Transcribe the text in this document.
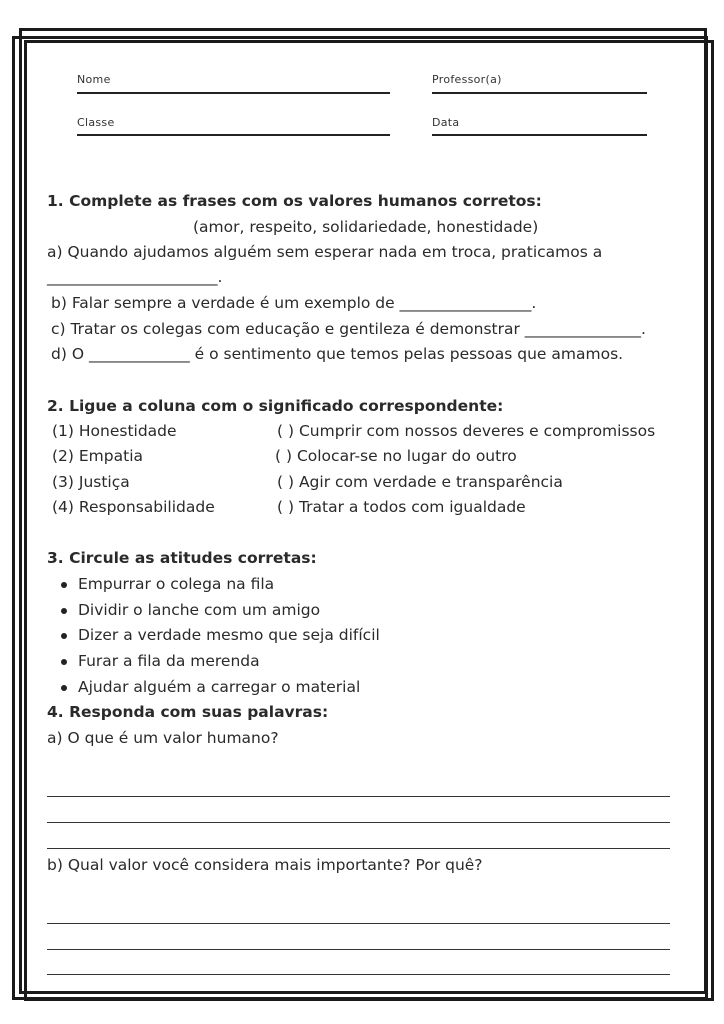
Nome	Professor(a)
Classe	Data
1. Complete as frases com os valores humanos corretos:
(amor, respeito, solidariedade, honestidade)
a) Quando ajudamos alguém sem esperar nada em troca, praticamos a
______________________.
b) Falar sempre a verdade é um exemplo de _________________.
c) Tratar os colegas com educação e gentileza é demonstrar _______________.
d) O _____________ é o sentimento que temos pelas pessoas que amamos.
2. Ligue a coluna com o significado correspondente:
(1) Honestidade
(2) Empatia
(3) Justiça
(4) Responsabilidade
( ) Cumprir com nossos deveres e compromissos
( ) Colocar-se no lugar do outro
( ) Agir com verdade e transparência
( ) Tratar a todos com igualdade
3. Circule as atitudes corretas:
Empurrar o colega na fila
Dividir o lanche com um amigo
Dizer a verdade mesmo que seja difícil
Furar a fila da merenda
Ajudar alguém a carregar o material
4. Responda com suas palavras:
a) O que é um valor humano?
b) Qual valor você considera mais importante? Por quê?
